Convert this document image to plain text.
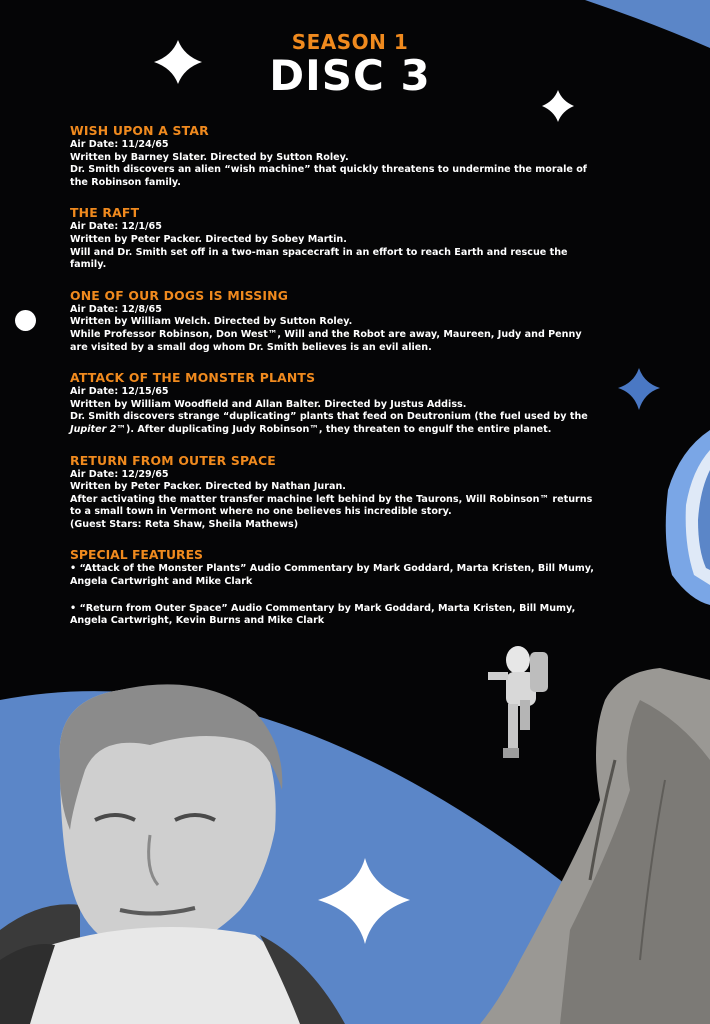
SEASON 1
DISC 3
WISH UPON A STAR
Air Date: 11/24/65
Written by Barney Slater. Directed by Sutton Roley.
Dr. Smith discovers an alien “wish machine” that quickly threatens to undermine the morale of the Robinson family.
THE RAFT
Air Date: 12/1/65
Written by Peter Packer. Directed by Sobey Martin.
Will and Dr. Smith set off in a two-man spacecraft in an effort to reach Earth and rescue the family.
ONE OF OUR DOGS IS MISSING
Air Date: 12/8/65
Written by William Welch. Directed by Sutton Roley.
While Professor Robinson, Don West™, Will and the Robot are away, Maureen, Judy and Penny are visited by a small dog whom Dr. Smith believes is an evil alien.
ATTACK OF THE MONSTER PLANTS
Air Date: 12/15/65
Written by William Woodfield and Allan Balter. Directed by Justus Addiss.
Dr. Smith discovers strange “duplicating” plants that feed on Deutronium (the fuel used by the Jupiter 2™). After duplicating Judy Robinson™, they threaten to engulf the entire planet.
RETURN FROM OUTER SPACE
Air Date: 12/29/65
Written by Peter Packer. Directed by Nathan Juran.
After activating the matter transfer machine left behind by the Taurons, Will Robinson™ returns to a small town in Vermont where no one believes his incredible story.
(Guest Stars: Reta Shaw, Sheila Mathews)
SPECIAL FEATURES
• “Attack of the Monster Plants” Audio Commentary by Mark Goddard, Marta Kristen, Bill Mumy, Angela Cartwright and Mike Clark
• “Return from Outer Space” Audio Commentary by Mark Goddard, Marta Kristen, Bill Mumy, Angela Cartwright, Kevin Burns and Mike Clark
